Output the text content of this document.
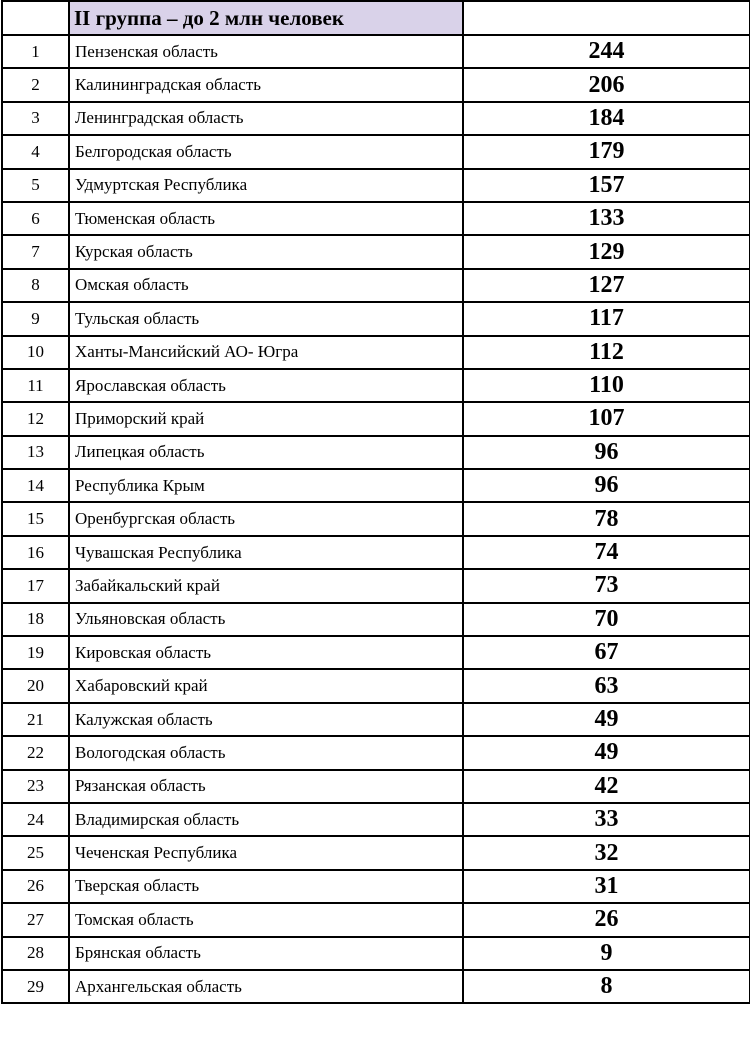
	II группа – до 2 млн человек	
1	Пензенская область	244
2	Калининградская область	206
3	Ленинградская область	184
4	Белгородская область	179
5	Удмуртская Республика	157
6	Тюменская область	133
7	Курская область	129
8	Омская область	127
9	Тульская область	117
10	Ханты-Мансийский АО- Югра	112
11	Ярославская область	110
12	Приморский край	107
13	Липецкая область	96
14	Республика Крым	96
15	Оренбургская область	78
16	Чувашская Республика	74
17	Забайкальский край	73
18	Ульяновская область	70
19	Кировская область	67
20	Хабаровский край	63
21	Калужская область	49
22	Вологодская область	49
23	Рязанская область	42
24	Владимирская область	33
25	Чеченская Республика	32
26	Тверская область	31
27	Томская область	26
28	Брянская область	9
29	Архангельская область	8
